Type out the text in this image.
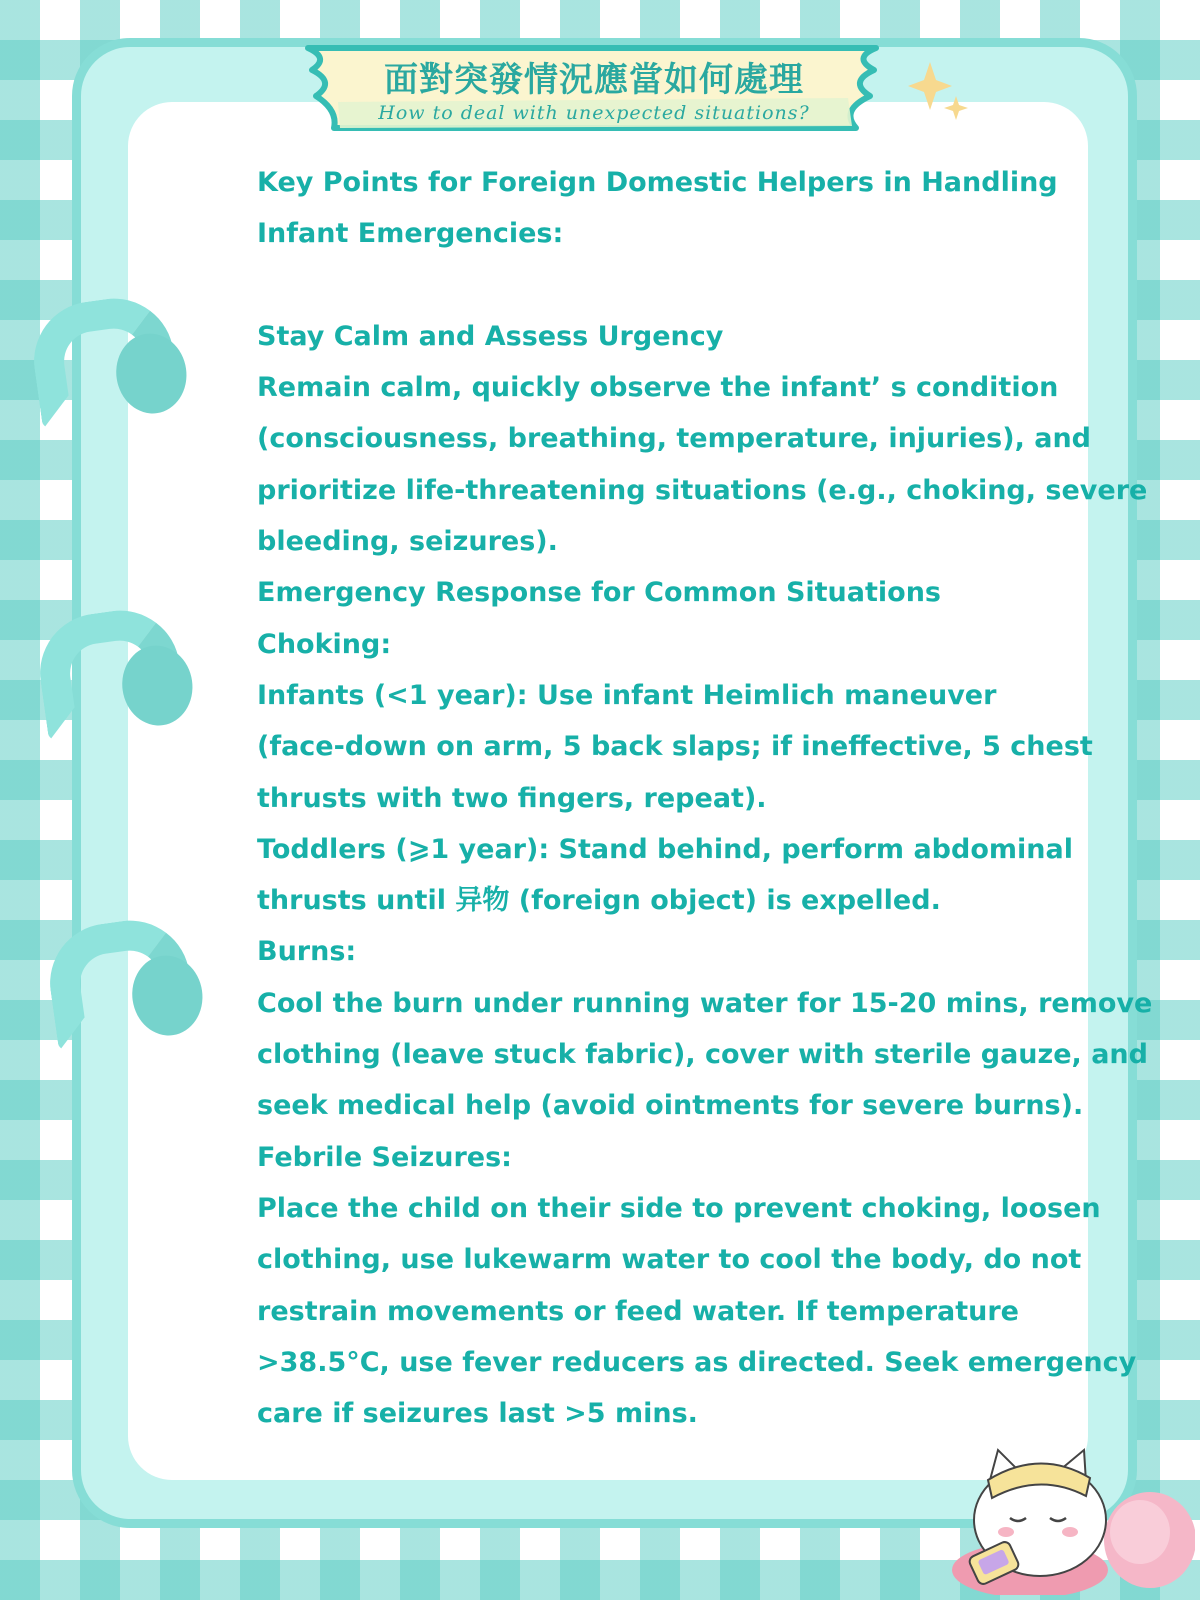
面對突發情況應當如何處理
How to deal with unexpected situations?
Key Points for Foreign Domestic Helpers in Handling
Infant Emergencies:
Stay Calm and Assess Urgency
Remain calm, quickly observe the infant’ s condition
(consciousness, breathing, temperature, injuries), and
prioritize life-threatening situations (e.g., choking, severe
bleeding, seizures).
Emergency Response for Common Situations
Choking:
Infants (<1 year): Use infant Heimlich maneuver
(face-down on arm, 5 back slaps; if ineffective, 5 chest
thrusts with two fingers, repeat).
Toddlers (⩾1 year): Stand behind, perform abdominal
thrusts until 异物 (foreign object) is expelled.
Burns:
Cool the burn under running water for 15-20 mins, remove
clothing (leave stuck fabric), cover with sterile gauze, and
seek medical help (avoid ointments for severe burns).
Febrile Seizures:
Place the child on their side to prevent choking, loosen
clothing, use lukewarm water to cool the body, do not
restrain movements or feed water. If temperature
>38.5°C, use fever reducers as directed. Seek emergency
care if seizures last >5 mins.
